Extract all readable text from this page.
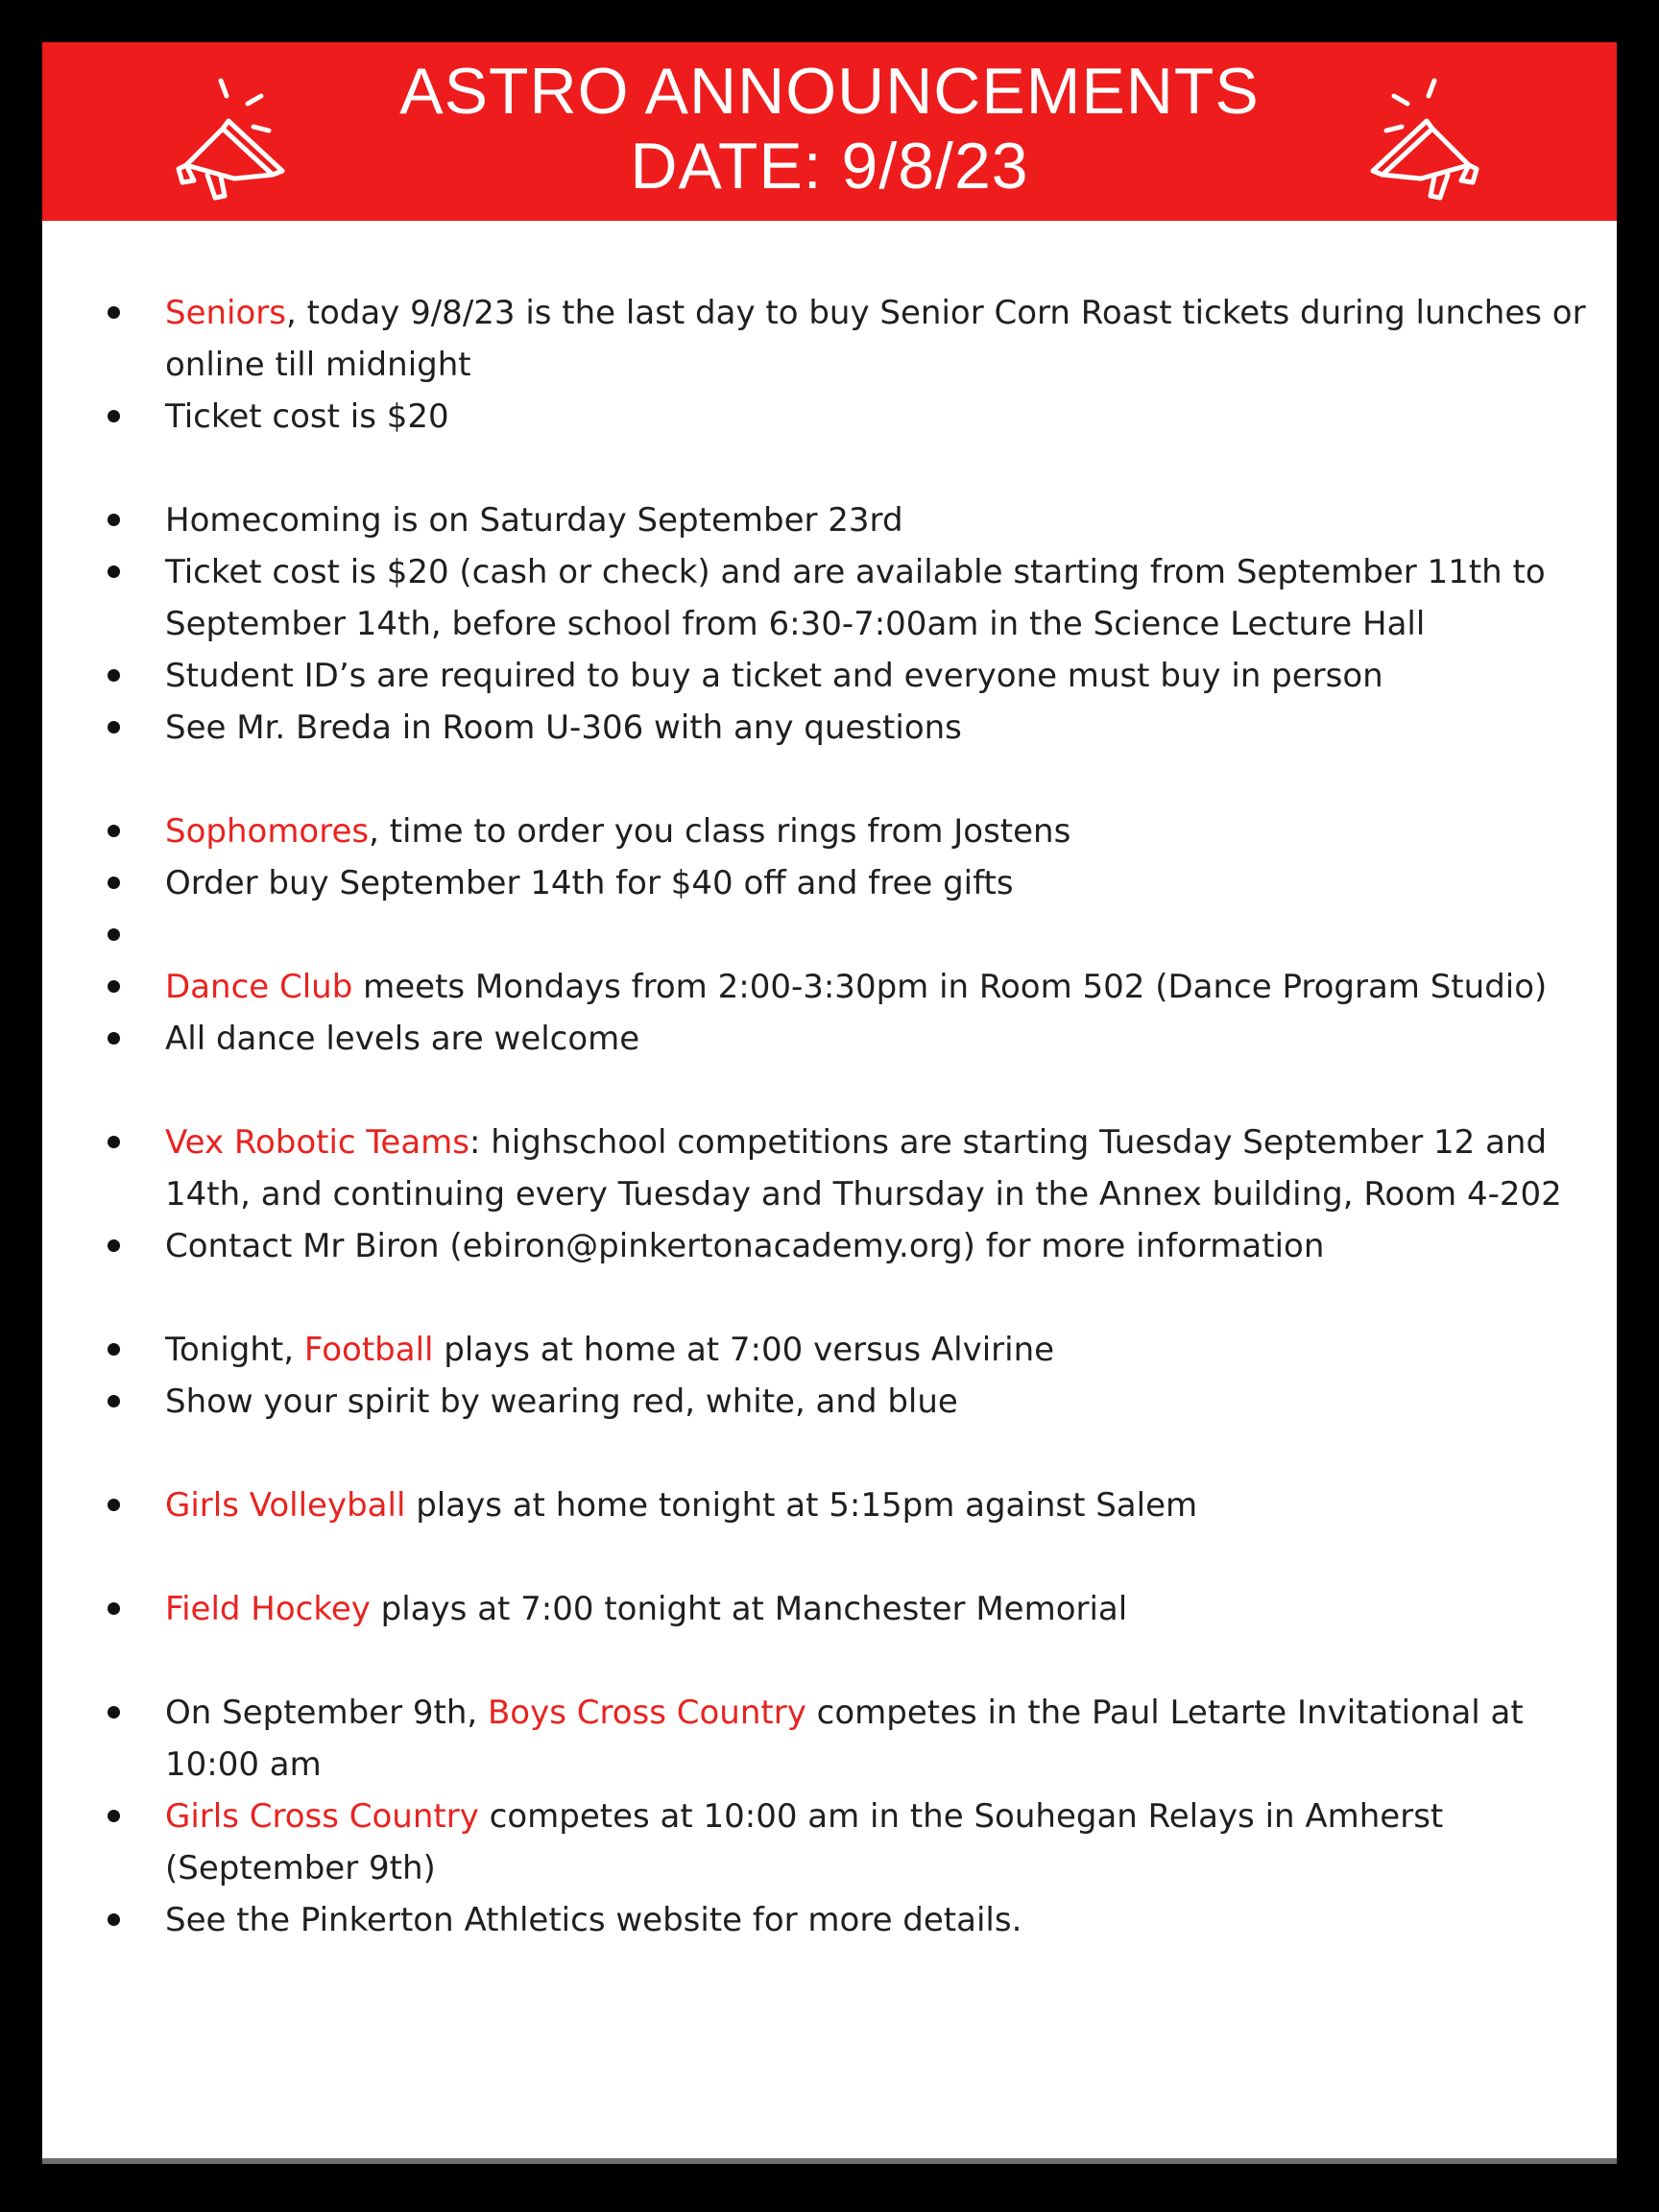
ASTRO ANNOUNCEMENTS
DATE: 9/8/23
Seniors, today 9/8/23 is the last day to buy Senior Corn Roast tickets during lunches or online till midnight
Ticket cost is $20
Homecoming is on Saturday September 23rd
Ticket cost is $20 (cash or check) and are available starting from September 11th to September 14th, before school from 6:30-7:00am in the Science Lecture Hall
Student ID’s are required to buy a ticket and everyone must buy in person
See Mr. Breda in Room U-306 with any questions
Sophomores, time to order you class rings from Jostens
Order buy September 14th for $40 off and free gifts

Dance Club meets Mondays from 2:00-3:30pm in Room 502 (Dance Program Studio)
All dance levels are welcome
Vex Robotic Teams: highschool competitions are starting Tuesday September 12 and 14th, and continuing every Tuesday and Thursday in the Annex building, Room 4-202
Contact Mr Biron (ebiron@pinkertonacademy.org) for more information
Tonight, Football plays at home at 7:00 versus Alvirine
Show your spirit by wearing red, white, and blue
Girls Volleyball plays at home tonight at 5:15pm against Salem
Field Hockey plays at 7:00 tonight at Manchester Memorial
On September 9th, Boys Cross Country competes in the Paul Letarte Invitational at 10:00 am
Girls Cross Country competes at 10:00 am in the Souhegan Relays in Amherst (September 9th)
See the Pinkerton Athletics website for more details.
